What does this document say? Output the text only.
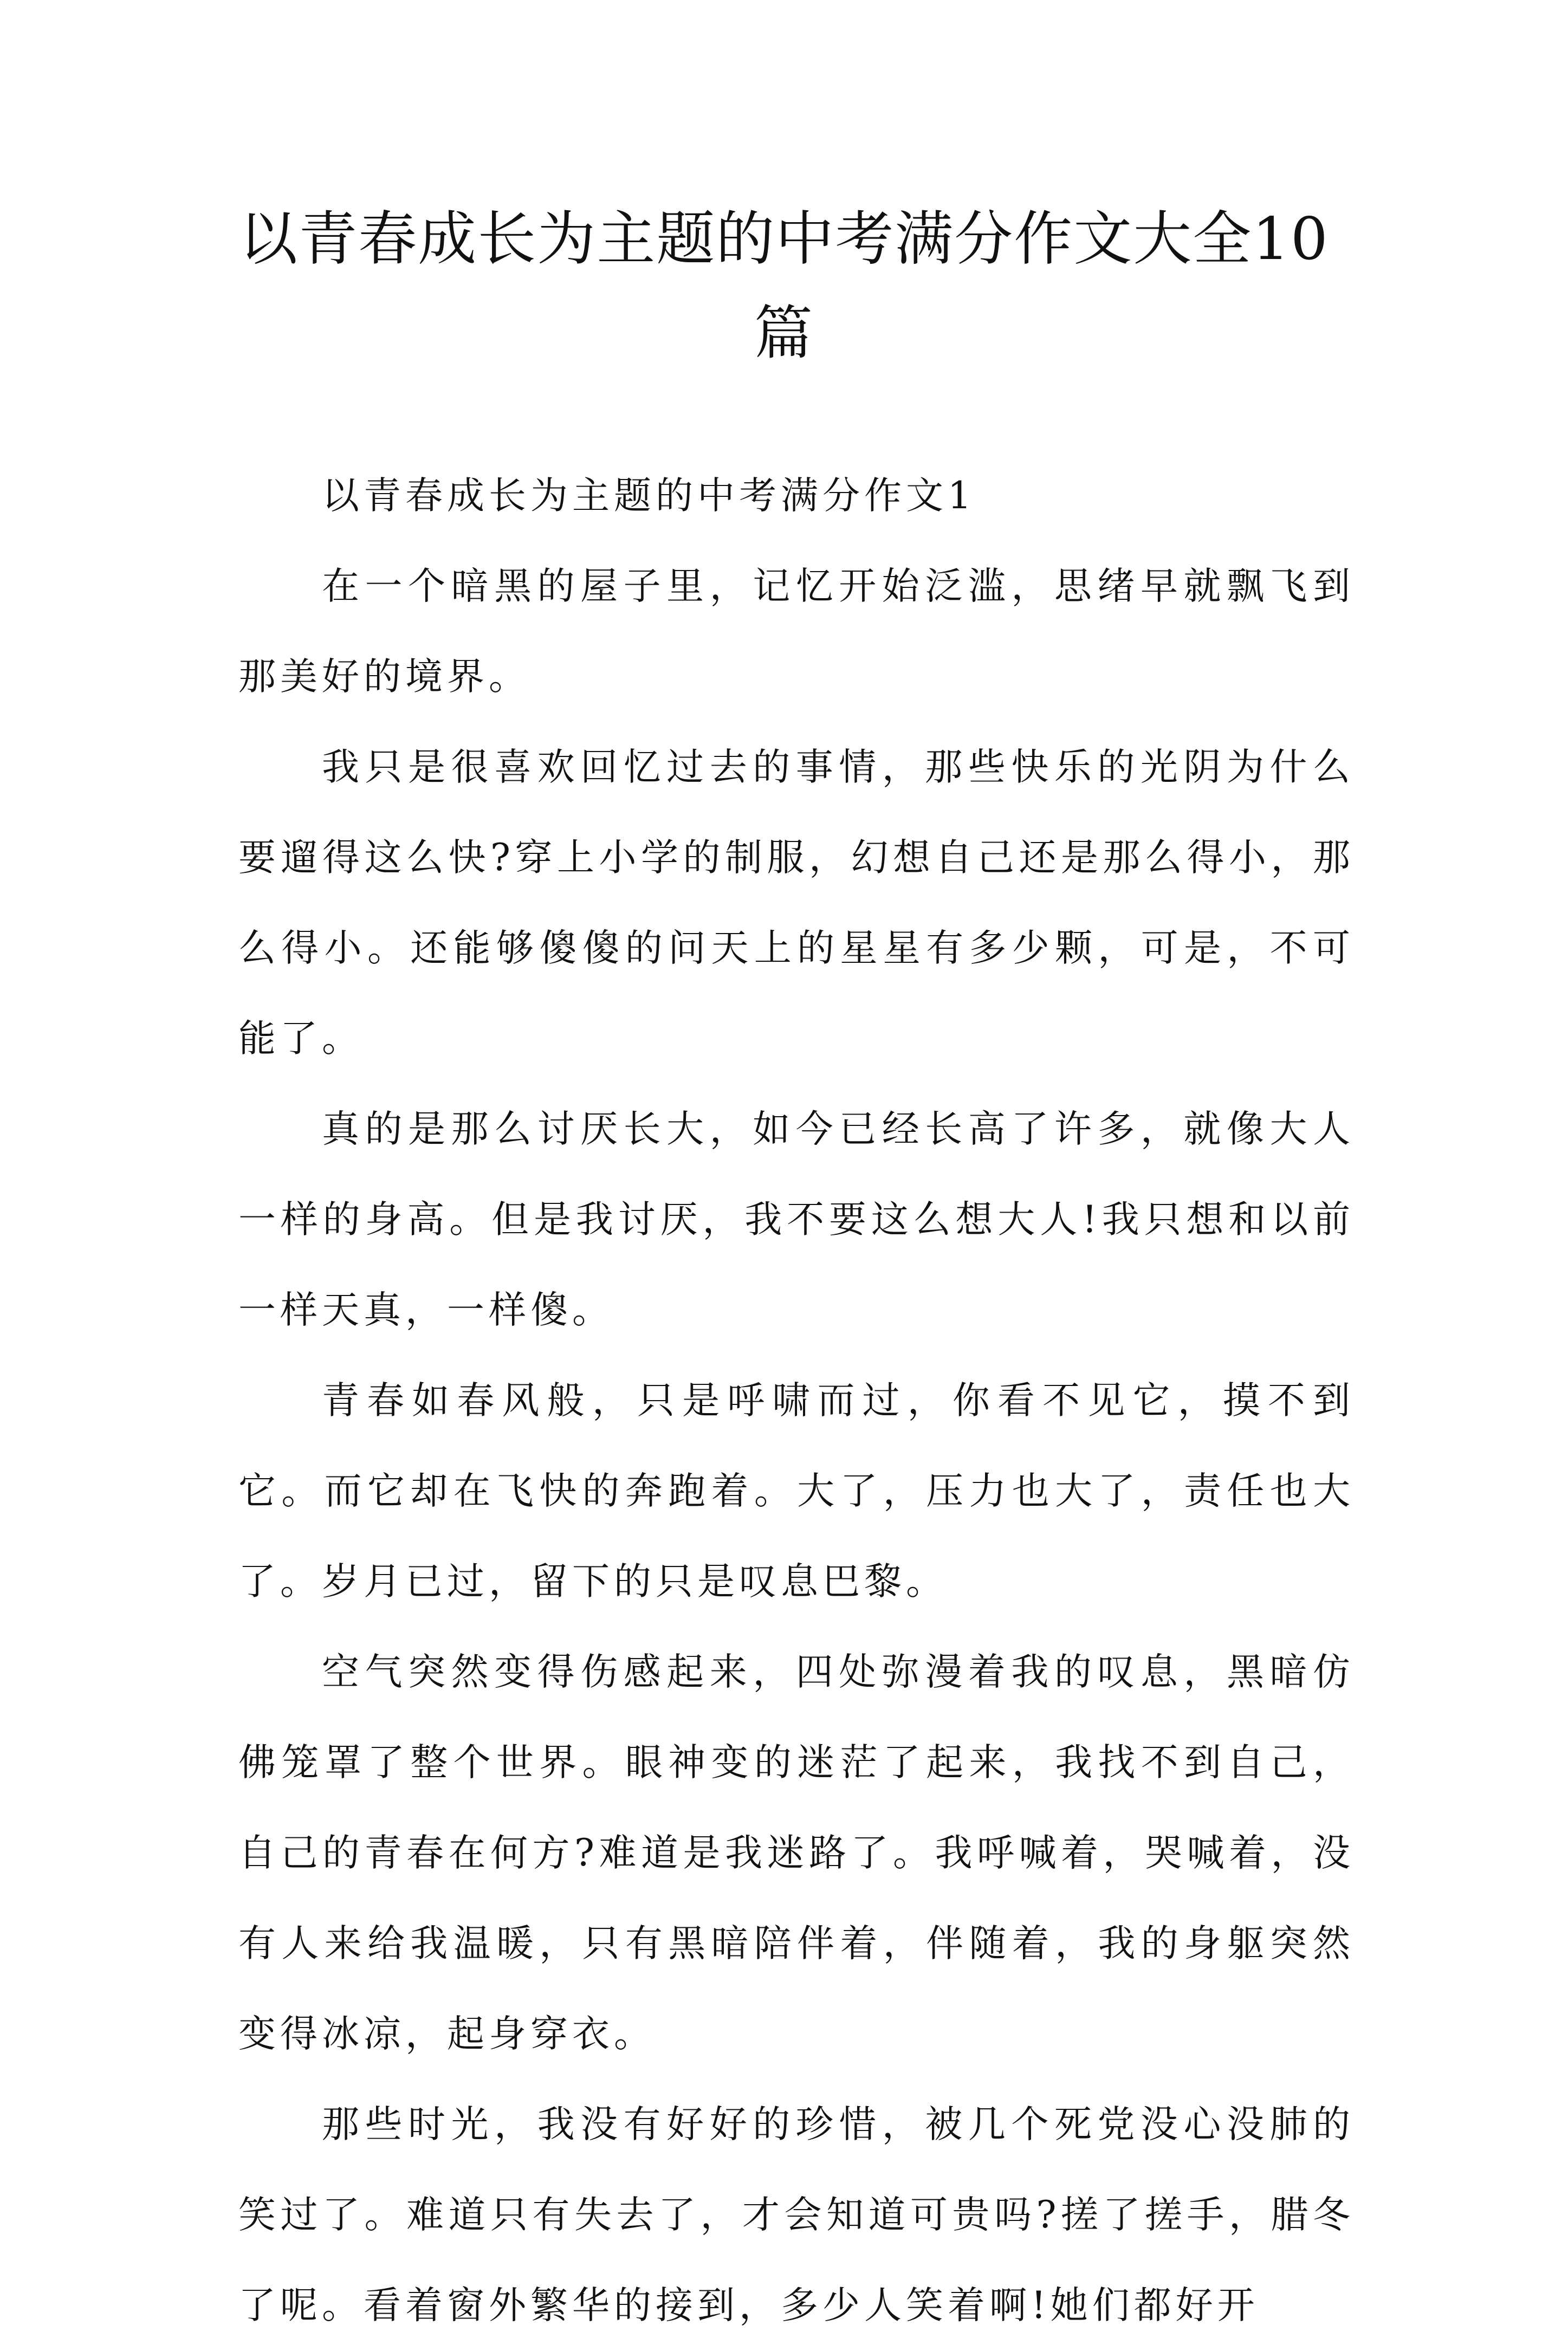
以青春成长为主题的中考满分作文大全10篇

以青春成长为主题的中考满分作文1

在一个暗黑的屋子里，记忆开始泛滥，思绪早就飘飞到那美好的境界。

我只是很喜欢回忆过去的事情，那些快乐的光阴为什么要遛得这么快?穿上小学的制服，幻想自己还是那么得小，那么得小。还能够傻傻的问天上的星星有多少颗，可是，不可能了。

真的是那么讨厌长大，如今已经长高了许多，就像大人一样的身高。但是我讨厌，我不要这么想大人!我只想和以前一样天真，一样傻。

青春如春风般，只是呼啸而过，你看不见它，摸不到它。而它却在飞快的奔跑着。大了，压力也大了，责任也大了。岁月已过，留下的只是叹息巴黎。

空气突然变得伤感起来，四处弥漫着我的叹息，黑暗仿佛笼罩了整个世界。眼神变的迷茫了起来，我找不到自己，自己的青春在何方?难道是我迷路了。我呼喊着，哭喊着，没有人来给我温暖，只有黑暗陪伴着，伴随着，我的身躯突然变得冰凉，起身穿衣。

那些时光，我没有好好的珍惜，被几个死党没心没肺的笑过了。难道只有失去了，才会知道可贵吗?搓了搓手，腊冬了呢。看着窗外繁华的接到，多少人笑着啊!她们都好开
